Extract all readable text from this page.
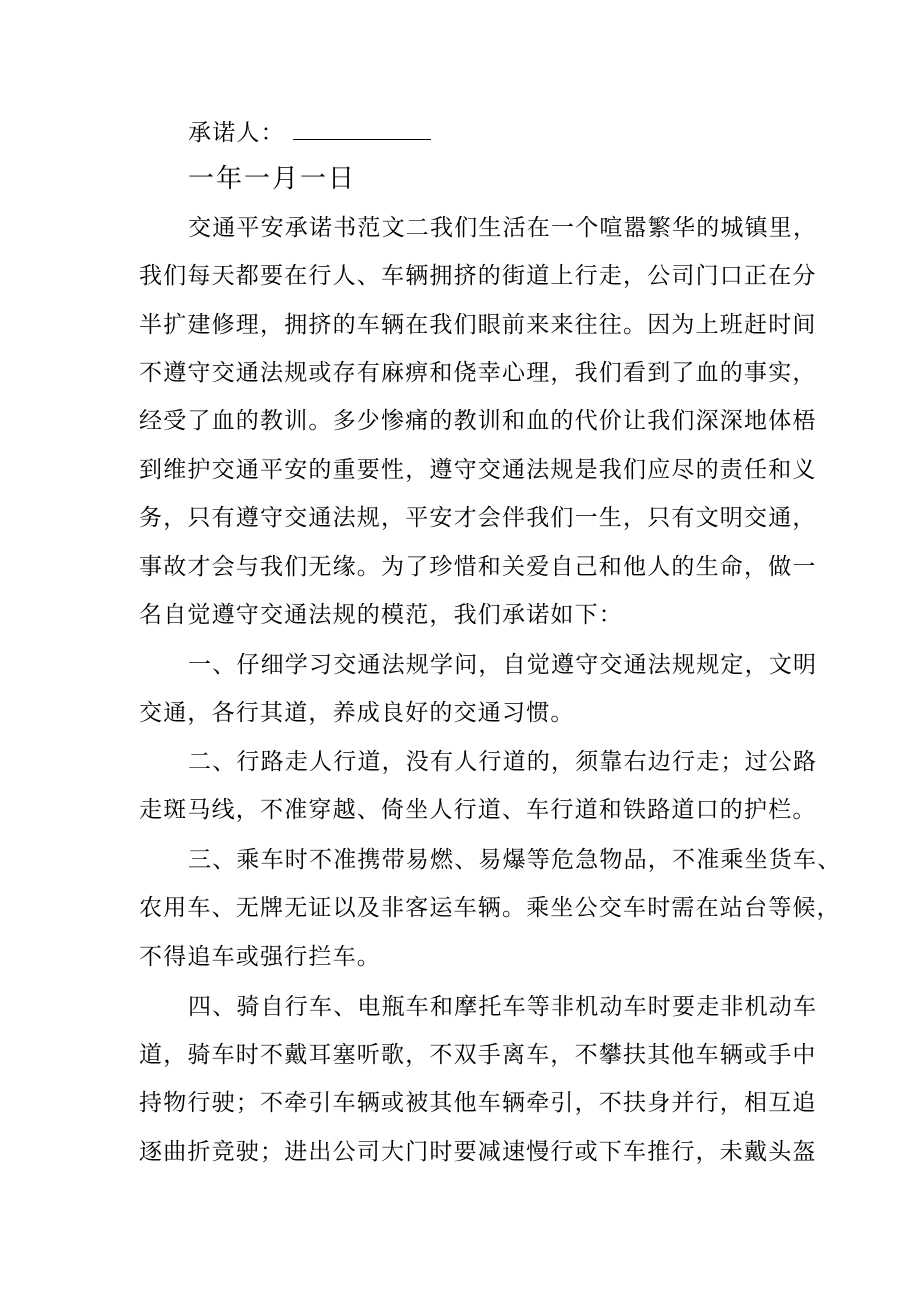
承诺人：
一年一月一日
交通平安承诺书范文二我们生活在一个喧嚣繁华的城镇里，
我们每天都要在行人、车辆拥挤的街道上行走，公司门口正在分
半扩建修理，拥挤的车辆在我们眼前来来往往。因为上班赶时间
不遵守交通法规或存有麻痹和侥幸心理，我们看到了血的事实，
经受了血的教训。多少惨痛的教训和血的代价让我们深深地体梧
到维护交通平安的重要性，遵守交通法规是我们应尽的责任和义
务，只有遵守交通法规，平安才会伴我们一生，只有文明交通，
事故才会与我们无缘。为了珍惜和关爱自己和他人的生命，做一
名自觉遵守交通法规的模范，我们承诺如下：
一、仔细学习交通法规学问，自觉遵守交通法规规定，文明
交通，各行其道，养成良好的交通习惯。
二、行路走人行道，没有人行道的，须靠右边行走；过公路
走斑马线，不准穿越、倚坐人行道、车行道和铁路道口的护栏。
三、乘车时不准携带易燃、易爆等危急物品，不准乘坐货车、
农用车、无牌无证以及非客运车辆。乘坐公交车时需在站台等候，
不得追车或强行拦车。
四、骑自行车、电瓶车和摩托车等非机动车时要走非机动车
道，骑车时不戴耳塞听歌，不双手离车，不攀扶其他车辆或手中
持物行驶；不牵引车辆或被其他车辆牵引，不扶身并行，相互追
逐曲折竞驶；进出公司大门时要减速慢行或下车推行，未戴头盔
